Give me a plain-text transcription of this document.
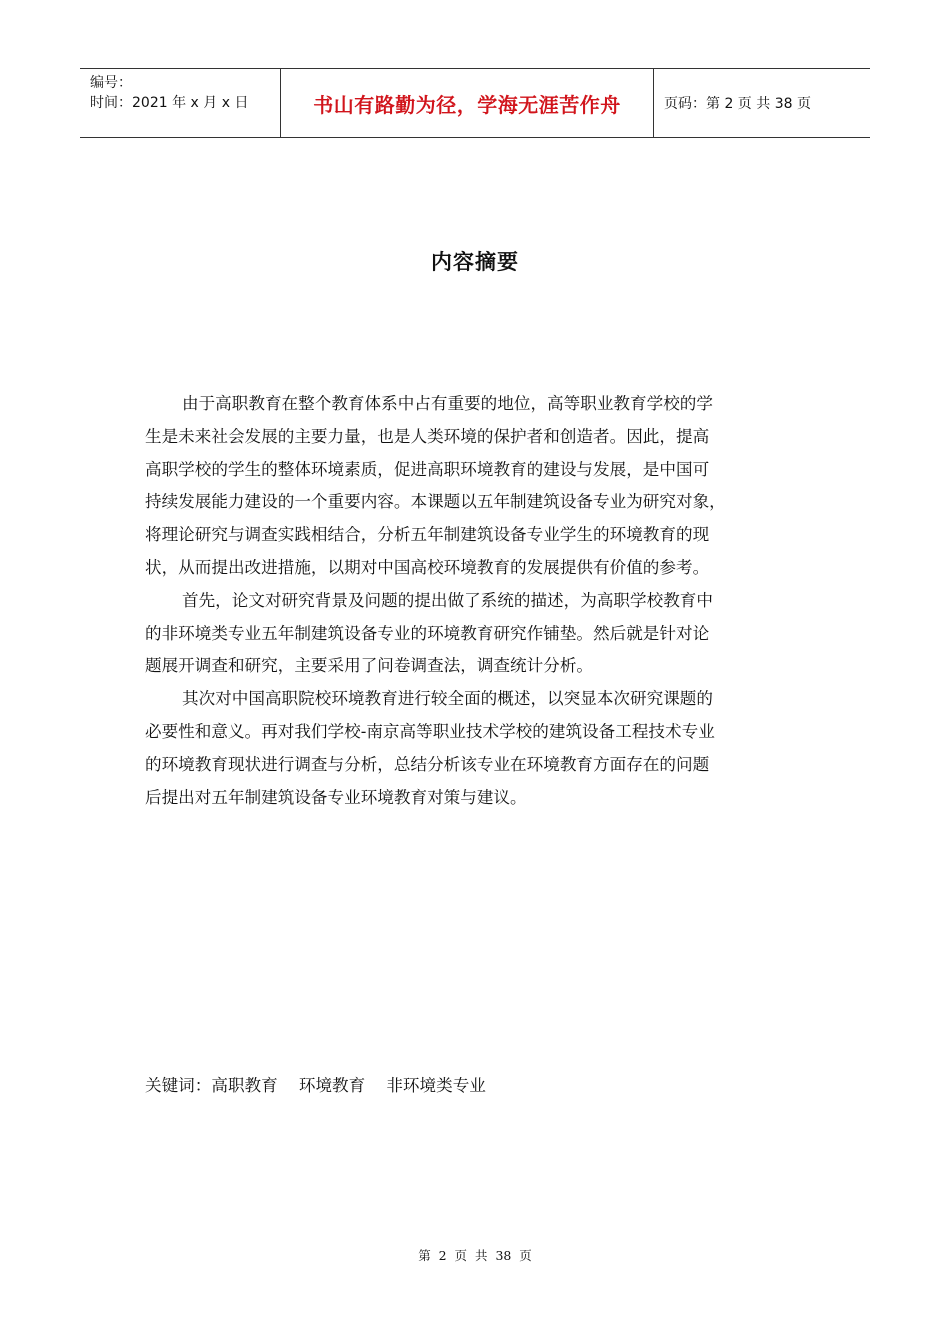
编号：
时间：2021 年 x 月 x 日	书山有路勤为径，学海无涯苦作舟	页码：第 2 页 共 38 页
内容摘要
由于高职教育在整个教育体系中占有重要的地位，高等职业教育学校的学
生是未来社会发展的主要力量，也是人类环境的保护者和创造者。因此，提高
高职学校的学生的整体环境素质，促进高职环境教育的建设与发展，是中国可
持续发展能力建设的一个重要内容。本课题以五年制建筑设备专业为研究对象，
将理论研究与调查实践相结合，分析五年制建筑设备专业学生的环境教育的现
状，从而提出改进措施，以期对中国高校环境教育的发展提供有价值的参考。
首先，论文对研究背景及问题的提出做了系统的描述，为高职学校教育中
的非环境类专业五年制建筑设备专业的环境教育研究作铺垫。然后就是针对论
题展开调查和研究，主要采用了问卷调查法，调查统计分析。
其次对中国高职院校环境教育进行较全面的概述，以突显本次研究课题的
必要性和意义。再对我们学校-南京高等职业技术学校的建筑设备工程技术专业
的环境教育现状进行调查与分析，总结分析该专业在环境教育方面存在的问题
后提出对五年制建筑设备专业环境教育对策与建议。
关键词：高职教育    环境教育    非环境类专业
第  2  页  共  38  页
